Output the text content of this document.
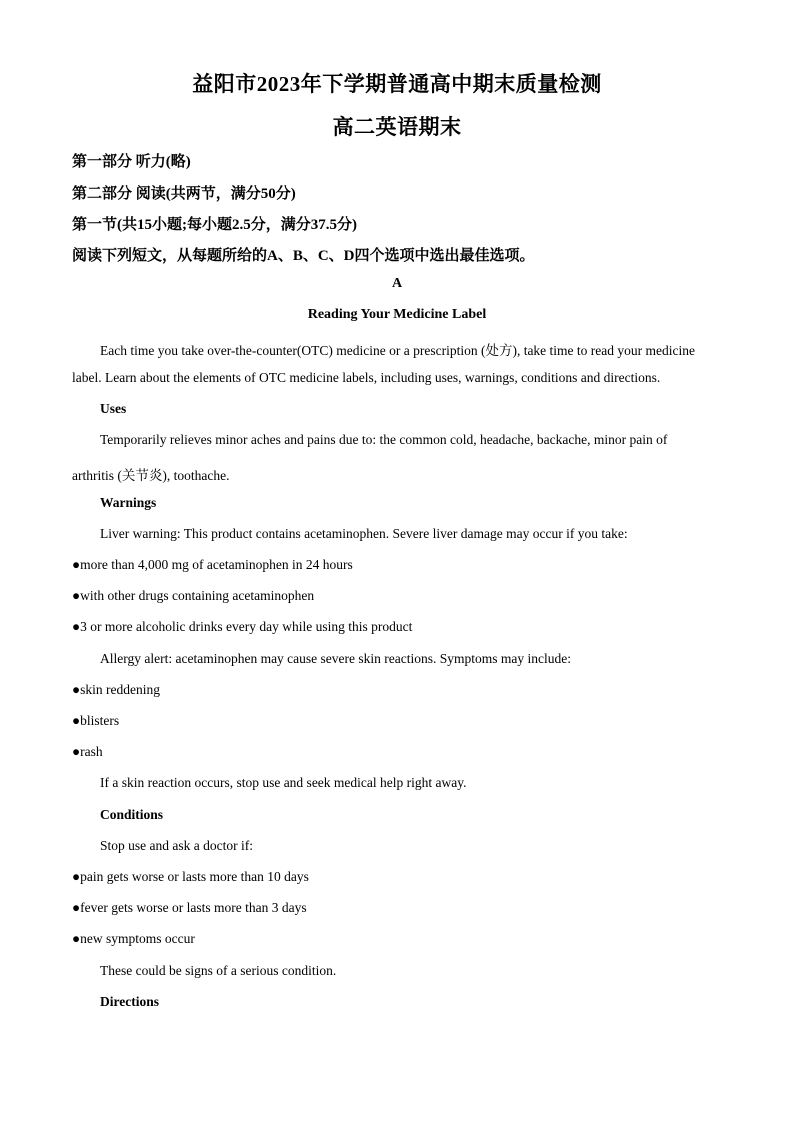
益阳市2023年下学期普通高中期末质量检测
高二英语期末
第一部分 听力(略)
第二部分 阅读(共两节，满分50分)
第一节(共15小题;每小题2.5分，满分37.5分)
阅读下列短文，从每题所给的A、B、C、D四个选项中选出最佳选项。
A
Reading Your Medicine Label
Each time you take over-the-counter(OTC) medicine or a prescription (处方), take time to read your medicine
label. Learn about the elements of OTC medicine labels, including uses, warnings, conditions and directions.
Uses
Temporarily relieves minor aches and pains due to: the common cold, headache, backache, minor pain of
arthritis (关节炎), toothache.
Warnings
Liver warning: This product contains acetaminophen. Severe liver damage may occur if you take:
●more than 4,000 mg of acetaminophen in 24 hours
●with other drugs containing acetaminophen
●3 or more alcoholic drinks every day while using this product
Allergy alert: acetaminophen may cause severe skin reactions. Symptoms may include:
●skin reddening
●blisters
●rash
If a skin reaction occurs, stop use and seek medical help right away.
Conditions
Stop use and ask a doctor if:
●pain gets worse or lasts more than 10 days
●fever gets worse or lasts more than 3 days
●new symptoms occur
These could be signs of a serious condition.
Directions
